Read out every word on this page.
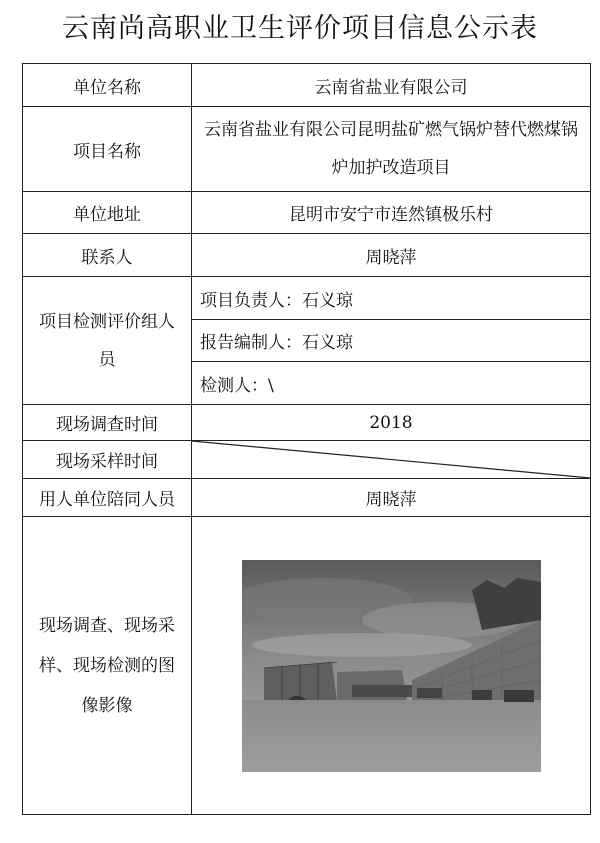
云南尚高职业卫生评价项目信息公示表
单位名称	云南省盐业有限公司
项目名称	云南省盐业有限公司昆明盐矿燃气锅炉替代燃煤锅炉加护改造项目

单位地址	昆明市安宁市连然镇极乐村
联系人	周晓萍

项目检测评价组人员	项目负责人：石义琼
	报告编制人：石义琼
	检测人：\
现场调查时间	2018
现场采样时间	

用人单位陪同人员	周晓萍

现场调查、现场采样、现场检测的图像影像
